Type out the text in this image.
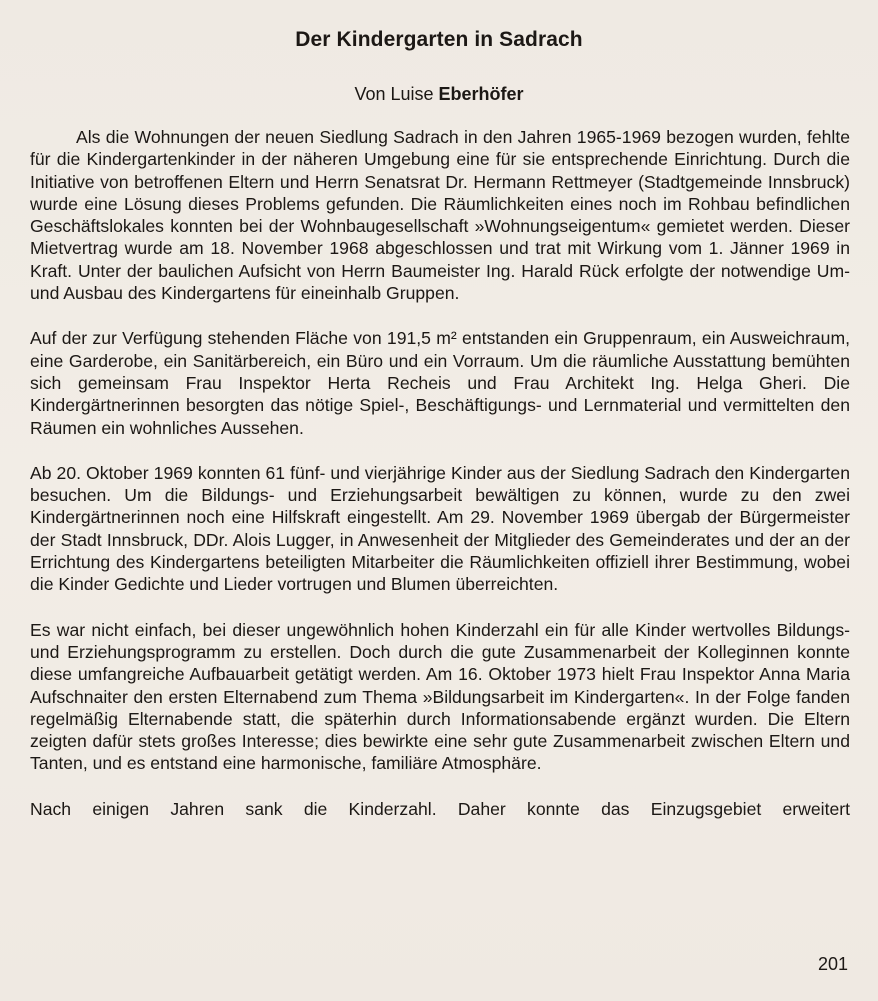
Der Kindergarten in Sadrach

Von Luise Eberhöfer

Als die Wohnungen der neuen Siedlung Sadrach in den Jahren 1965-1969 bezogen wurden, fehlte für die Kindergartenkinder in der näheren Umgebung eine für sie entsprechende Einrichtung. Durch die Initiative von betroffenen Eltern und Herrn Senatsrat Dr. Hermann Rettmeyer (Stadtgemeinde Innsbruck) wurde eine Lösung dieses Problems gefunden. Die Räumlichkeiten eines noch im Rohbau befindlichen Geschäftslokales konnten bei der Wohnbaugesellschaft »Wohnungseigentum« gemietet werden. Dieser Mietvertrag wurde am 18. November 1968 abgeschlossen und trat mit Wirkung vom 1. Jänner 1969 in Kraft. Unter der baulichen Aufsicht von Herrn Baumeister Ing. Harald Rück erfolgte der notwendige Um- und Ausbau des Kindergartens für eineinhalb Gruppen.

Auf der zur Verfügung stehenden Fläche von 191,5 m² entstanden ein Gruppenraum, ein Ausweichraum, eine Garderobe, ein Sanitärbereich, ein Büro und ein Vorraum. Um die räumliche Ausstattung bemühten sich gemeinsam Frau Inspektor Herta Recheis und Frau Architekt Ing. Helga Gheri. Die Kindergärtnerinnen besorgten das nötige Spiel-, Beschäftigungs- und Lernmaterial und vermittelten den Räumen ein wohnliches Aussehen.

Ab 20. Oktober 1969 konnten 61 fünf- und vierjährige Kinder aus der Siedlung Sadrach den Kindergarten besuchen. Um die Bildungs- und Erziehungsarbeit bewältigen zu können, wurde zu den zwei Kindergärtnerinnen noch eine Hilfskraft eingestellt. Am 29. November 1969 übergab der Bürgermeister der Stadt Innsbruck, DDr. Alois Lugger, in Anwesenheit der Mitglieder des Gemeinderates und der an der Errichtung des Kindergartens beteiligten Mitarbeiter die Räumlichkeiten offiziell ihrer Bestimmung, wobei die Kinder Gedichte und Lieder vortrugen und Blumen überreichten.

Es war nicht einfach, bei dieser ungewöhnlich hohen Kinderzahl ein für alle Kinder wertvolles Bildungs- und Erziehungsprogramm zu erstellen. Doch durch die gute Zusammenarbeit der Kolleginnen konnte diese umfangreiche Aufbauarbeit getätigt werden. Am 16. Oktober 1973 hielt Frau Inspektor Anna Maria Aufschnaiter den ersten Elternabend zum Thema »Bildungsarbeit im Kindergarten«. In der Folge fanden regelmäßig Elternabende statt, die späterhin durch Informationsabende ergänzt wurden. Die Eltern zeigten dafür stets großes Interesse; dies bewirkte eine sehr gute Zusammenarbeit zwischen Eltern und Tanten, und es entstand eine harmonische, familiäre Atmosphäre.

Nach einigen Jahren sank die Kinderzahl. Daher konnte das Einzugsgebiet erweitert

201
